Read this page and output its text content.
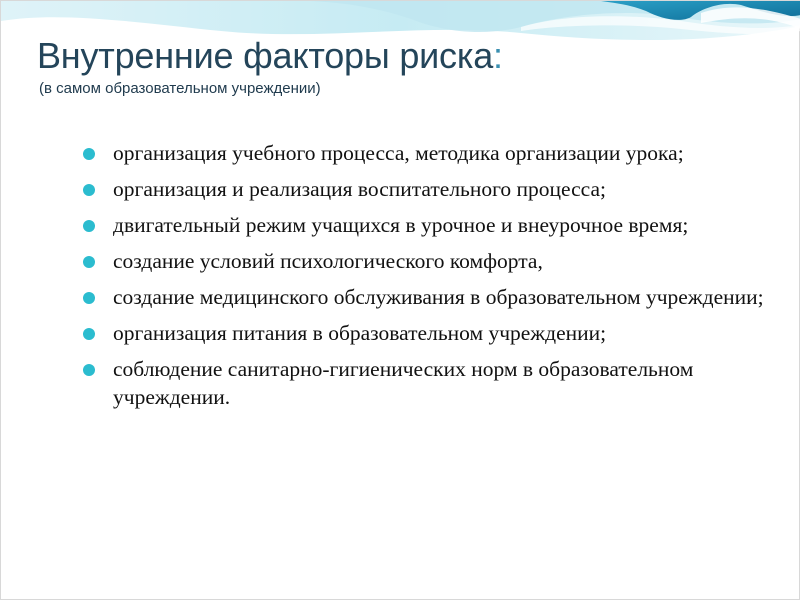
Внутренние факторы риска:
(в самом образовательном учреждении)
организация учебного процесса, методика организации урока;
организация и реализация воспитательного процесса;
двигательный режим учащихся в урочное и внеурочное время;
создание условий психологического комфорта,
создание медицинского обслуживания в образовательном учреждении;
организация питания в образовательном учреждении;
соблюдение санитарно-гигиенических норм в образовательном учреждении.
